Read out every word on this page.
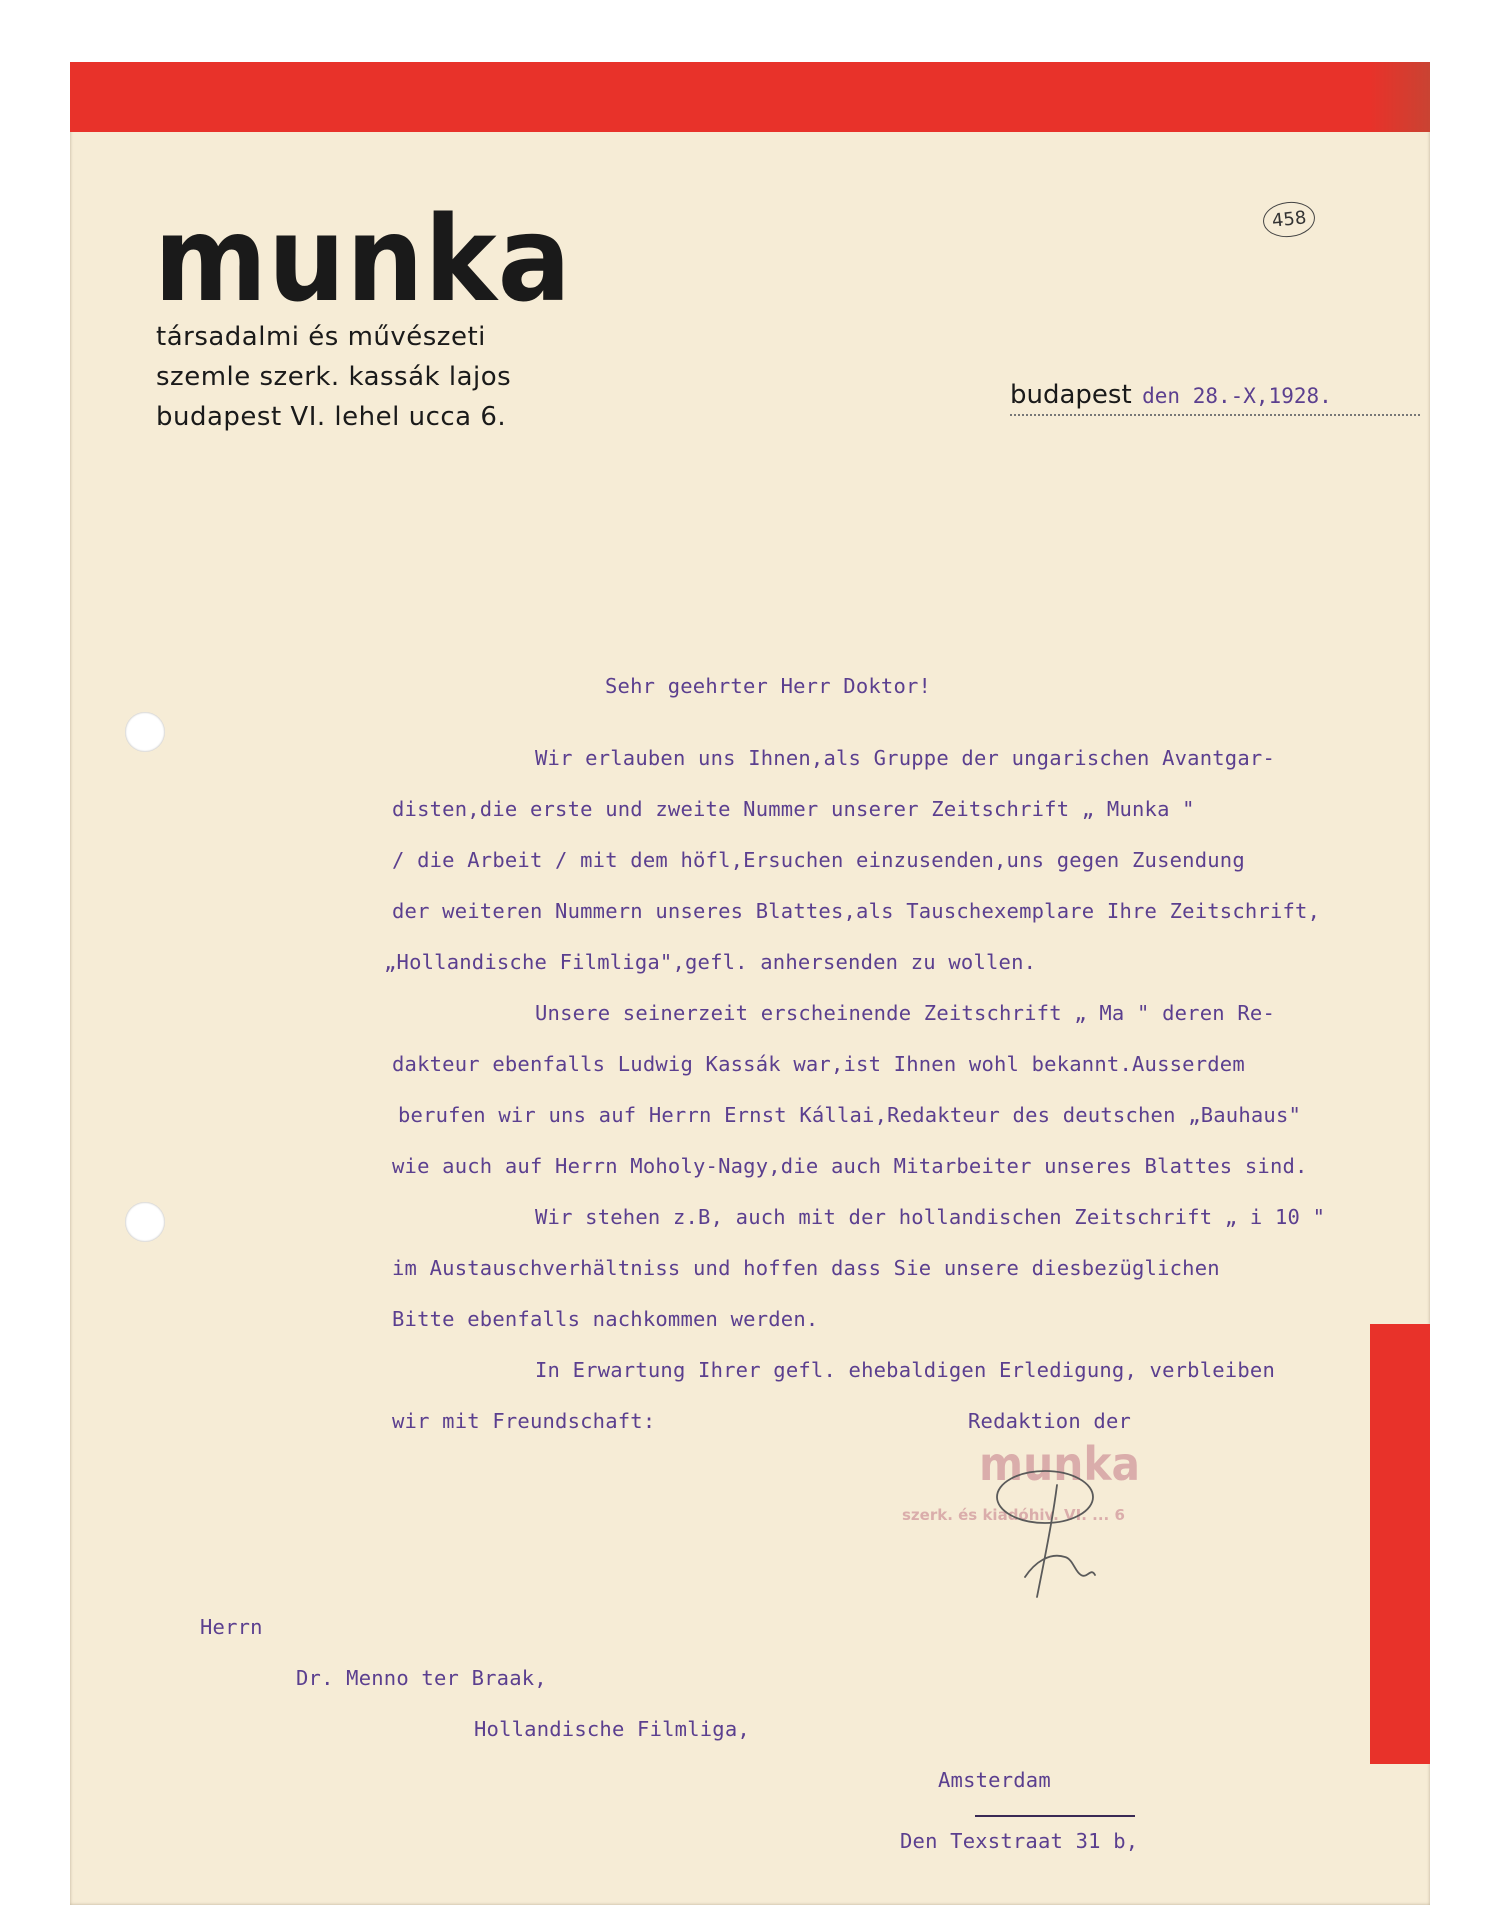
munka
társadalmi és művészeti
szemle szerk. kassák lajos
budapest VI. lehel ucca 6.
458
budapest den 28.-X,1928.

Sehr geehrter Herr Doktor!

Wir erlauben uns Ihnen,als Gruppe der ungarischen Avantgar-

disten,die erste und zweite Nummer unserer Zeitschrift „ Munka "

/ die Arbeit / mit dem höfl,Ersuchen einzusenden,uns gegen Zusendung

der weiteren Nummern unseres Blattes,als Tauschexemplare Ihre Zeitschrift,

„Hollandische Filmliga",gefl. anhersenden zu wollen.

Unsere seinerzeit erscheinende Zeitschrift „ Ma " deren Re-

dakteur ebenfalls Ludwig Kassák war,ist Ihnen wohl bekannt.Ausserdem

berufen wir uns auf Herrn Ernst Kállai,Redakteur des deutschen „Bauhaus"

wie auch auf Herrn Moholy-Nagy,die auch Mitarbeiter unseres Blattes sind.

Wir stehen z.B, auch mit der hollandischen Zeitschrift „ i 10 "

im Austauschverhältniss und hoffen dass Sie unsere diesbezüglichen

Bitte ebenfalls nachkommen werden.

In Erwartung Ihrer gefl. ehebaldigen Erledigung, verbleiben

wir mit Freundschaft:	Redaktion der

munka
szerk. és kiadóhiv. VI. ... 6

Herrn

Dr. Menno ter Braak,

Hollandische Filmliga,

Amsterdam

Den Texstraat 31 b,
